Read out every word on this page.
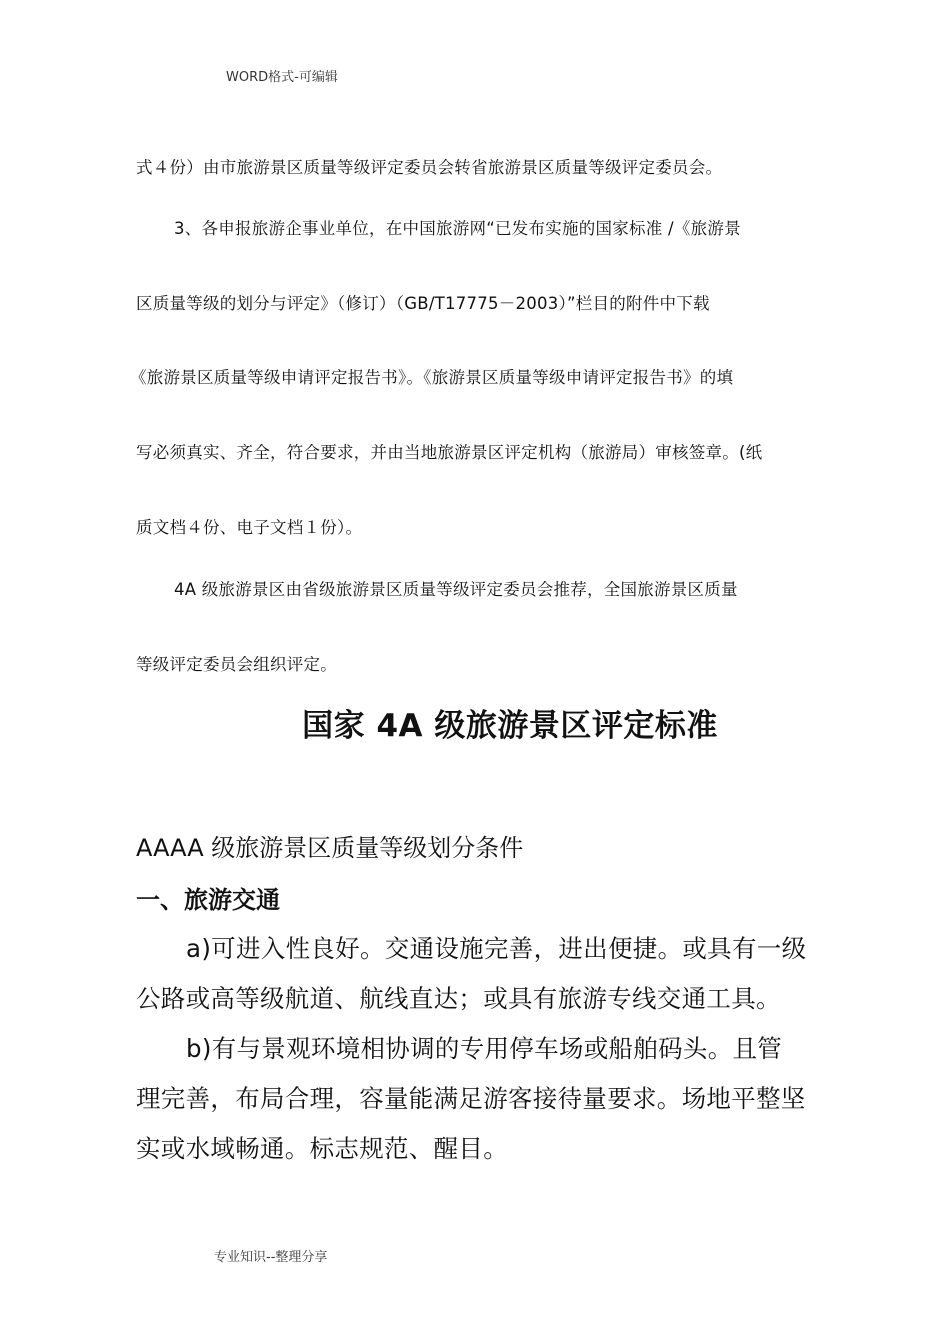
WORD格式-可编辑

式４份）由市旅游景区质量等级评定委员会转省旅游景区质量等级评定委员会。

3、各申报旅游企事业单位，在中国旅游网“已发布实施的国家标准 /《旅游景

区质量等级的划分与评定》（修订）（GB/T17775－2003）”栏目的附件中下载

《旅游景区质量等级申请评定报告书》。《旅游景区质量等级申请评定报告书》的填

写必须真实、齐全，符合要求，并由当地旅游景区评定机构（旅游局）审核签章。(纸

质文档４份、电子文档１份）。

4A 级旅游景区由省级旅游景区质量等级评定委员会推荐，全国旅游景区质量

等级评定委员会组织评定。

国家 4A 级旅游景区评定标准
AAAA 级旅游景区质量等级划分条件
一、旅游交通

a)可进入性良好。交通设施完善，进出便捷。或具有一级

公路或高等级航道、航线直达；或具有旅游专线交通工具。

b)有与景观环境相协调的专用停车场或船舶码头。且管

理完善，布局合理，容量能满足游客接待量要求。场地平整坚

实或水域畅通。标志规范、醒目。

专业知识--整理分享
